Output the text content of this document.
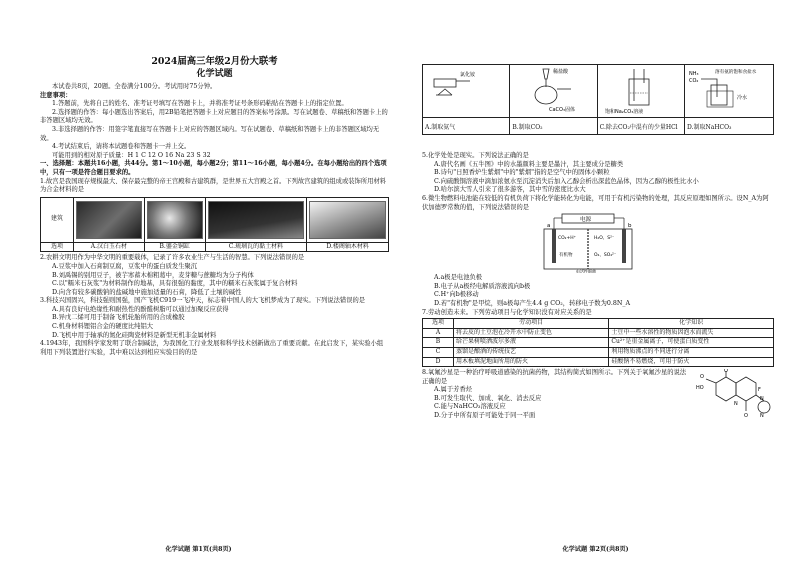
2024届高三年级2月份大联考

化学试题

本试卷共8页，20题。全卷满分100分。考试用时75分钟。

注意事项：

1.答题前，先将自己的姓名、准考证号填写在答题卡上，并将准考证号条形码粘贴在答题卡上的指定位置。

2.选择题的作答：每小题选出答案后，用2B铅笔把答题卡上对应题目的答案标号涂黑。写在试题卷、草稿纸和答题卡上的非答题区域均无效。

3.非选择题的作答：用签字笔直接写在答题卡上对应的答题区域内。写在试题卷、草稿纸和答题卡上的非答题区域均无效。

4.考试结束后，请将本试题卷和答题卡一并上交。

可能用到的相对原子质量：H 1 C 12 O 16 Na 23 S 32

一、选择题：本题共16小题，共44分。第1～10小题，每小题2分；第11～16小题，每小题4分。在每小题给出的四个选项中，只有一项是符合题目要求的。

1.故宫是我国现存规模最大、保存最完整的帝王宫殿和古建筑群，是世界五大宫殿之首。下列故宫建筑的组成或装饰所用材料为合金材料的是

建筑	

选项	A.汉白玉石材	B.鎏金铜缸	C.琉璃瓦的黏土材料	D.楼阁轴木材料

2.农耕文明用作为中华文明的重要载体，记录了许多农业生产与生活的智慧。下列说法错误的是

A.豆浆中加入石膏制豆腐，豆浆中的蛋白质发生聚沉

B.刘禹锡的别用豆子，被芋寒蓄木棉粗葛中，麦芽糖与蔗糖均为分子构体

C.以"糯米石灰浆"为材料制作的地基，具有很强的黏度，其中的糯米石灰浆属于复合材料

D.向含有较多碳酸钠的盐碱地中施加适量的石膏，降低了土壤的碱性

3.科技兴国固兴，科技强则国强，国产飞机C919一飞冲天，标志着中国人的大飞机梦成为了现实。下列说法错误的是

A.具有良好电绝缘性和耐热性的酚醛树脂可以通过加聚反应获得

B.异戊二烯可用于制备飞机轮胎所用的合成橡胶

C.机身材料锂铝合金的硬度比纯铝大

D.飞机中用于轴承的氮化硅陶瓷材料是新型无机非金属材料

4.1943年，我国科学家发明了联合制碱法，为我国化工行业发展和科学技术创新做出了重要贡献。在此启发下，某实验小组利用下列装置进行实验，其中难以达到相应实验目的的是

化学试题 第1页(共8页)
氯化铵	稀盐酸
CaCO₃固体	饱和Na₂CO₃溶液	NH₃
CO₂
溶有氨的饱和食盐水
冷水

A.制取氨气	B.制取CO₂	C.除去CO₂中混有的少量HCl	D.制取NaHCO₃

5.化学处处是现实。下列说法正确的是

A.唐代名画《五牛图》中的水墨颜料主要是墨汁，其主要成分是糖类

B.诗句"日照香炉生紫烟"中的"紫烟"指的是空气中的固体小颗粒

C.向硫酸铜溶液中滴加浓氨水至沉淀消失后加入乙醇会析出深蓝色晶体，因为乙醇的极性比水小

D.哈尔滨大雪人引来了很多游客，其中雪的密度比水大

6.微生物燃料电池能在较低的有机负荷下将化学能转化为电能，可用于有机污染物的处理，其反应原理如图所示。设N_A为阿伏加德罗常数的值，下列说法错误的是

电源
a	b
CO₂+H⁺	H₂O、S²⁻
有机物	O₂、SO₄²⁻
电活性细菌

A.a极是电池负极

B.电子从a极经电解质溶液流向b极

C.H⁺向b极移动

D.若"有机物"是甲烷，则a极每产生4.4 g CO₂，转移电子数为0.8N_A

7.劳动创造未来。下列劳动项目与化学知识没有对应关系的是

选项	劳动项目	化学知识
A	将去皮的土豆泡在冷开水中防止变色	土豆中一些水溶性的物质因泡水而流失
B	给芒果树喷洒波尔多液	Cu²⁺是重金属离子，可使蛋白质变性
C	蒸馏是酿酒的传统技艺	利用物质沸点的不同进行分离
D	用木板填泥地面所用的防火	硅酸钠不易燃烧，可用于防火

8.氧氟沙星是一种治疗呼吸道感染的抗菌药物，其结构简式如图所示。下列关于氧氟沙星的说法正确的是

A.属于芳香烃

B.可发生取代、加成、氧化、消去反应

C.能与NaHCO₃溶液反应

D.分子中所有原子可能处于同一平面

O
O
HO
N
F
O
N
N
化学试题 第2页(共8页)
